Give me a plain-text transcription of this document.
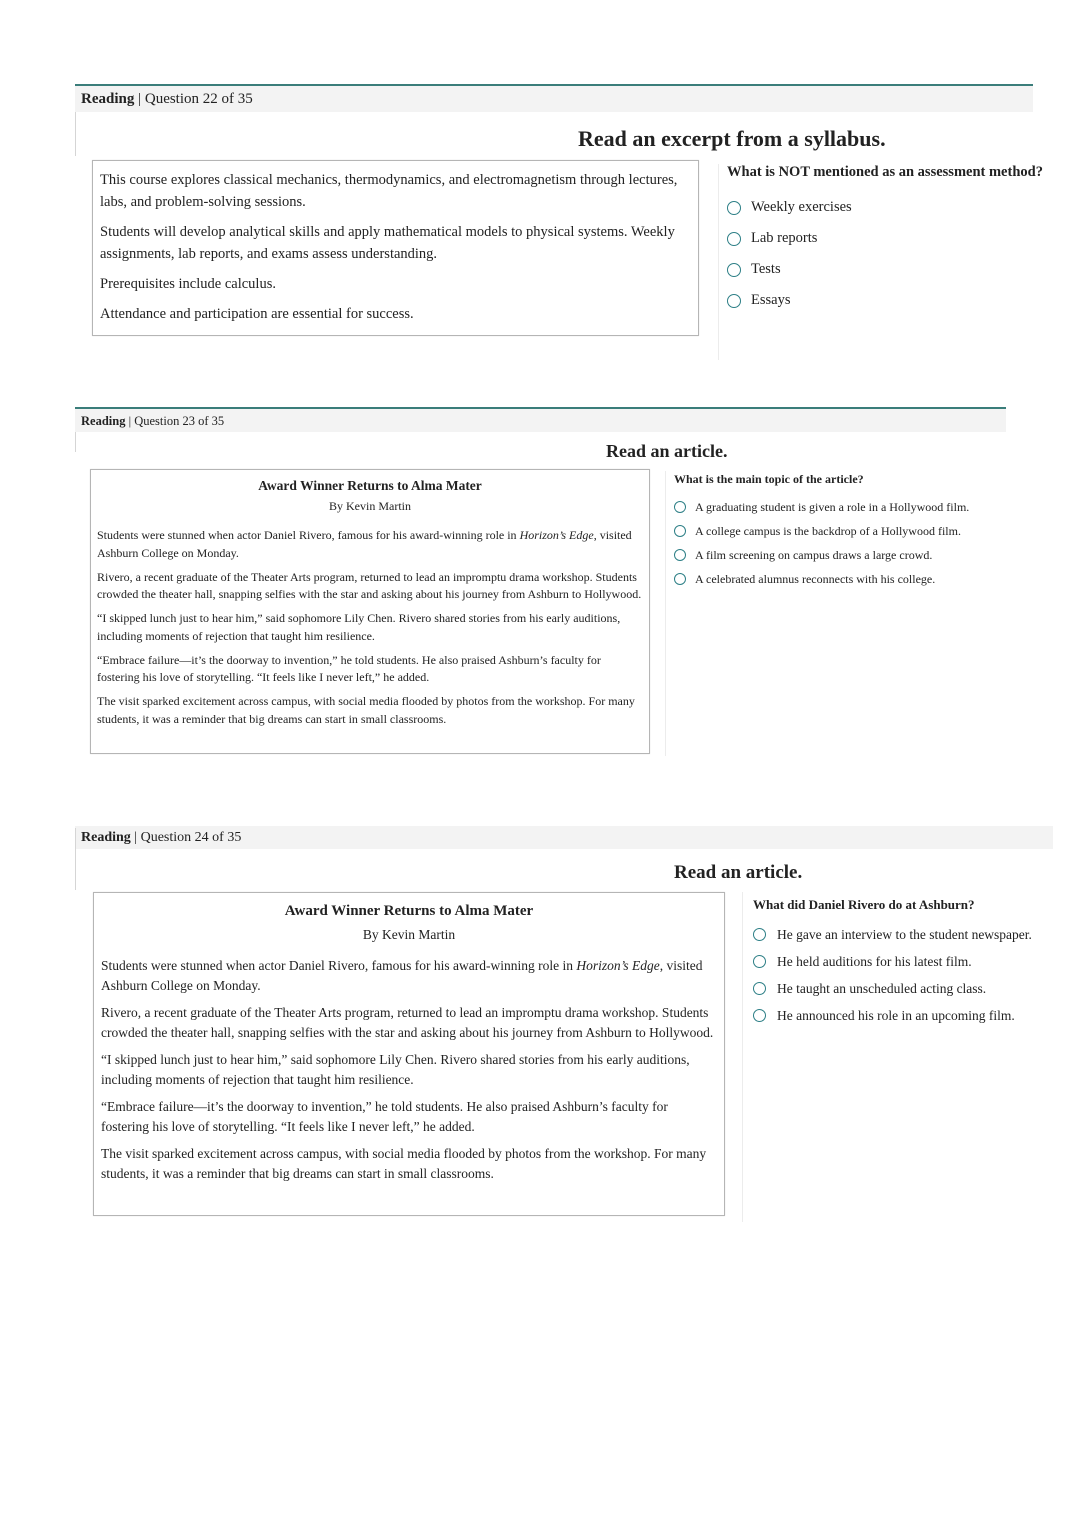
Reading | Question 22 of 35
Read an excerpt from a syllabus.

This course explores classical mechanics, thermodynamics, and electromagnetism through lectures, labs, and problem-solving sessions.

Students will develop analytical skills and apply mathematical models to physical systems. Weekly assignments, lab reports, and exams assess understanding.

Prerequisites include calculus.

Attendance and participation are essential for success.

What is NOT mentioned as an assessment method?
Weekly exercises
Lab reports
Tests
Essays
Reading | Question 23 of 35
Read an article.

Award Winner Returns to Alma Mater

By Kevin Martin

Students were stunned when actor Daniel Rivero, famous for his award-winning role in Horizon’s Edge, visited Ashburn College on Monday.

Rivero, a recent graduate of the Theater Arts program, returned to lead an impromptu drama workshop. Students crowded the theater hall, snapping selfies with the star and asking about his journey from Ashburn to Hollywood.

“I skipped lunch just to hear him,” said sophomore Lily Chen. Rivero shared stories from his early auditions, including moments of rejection that taught him resilience.

“Embrace failure—it’s the doorway to invention,” he told students. He also praised Ashburn’s faculty for fostering his love of storytelling. “It feels like I never left,” he added.

The visit sparked excitement across campus, with social media flooded by photos from the workshop. For many students, it was a reminder that big dreams can start in small classrooms.

What is the main topic of the article?
A graduating student is given a role in a Hollywood film.
A college campus is the backdrop of a Hollywood film.
A film screening on campus draws a large crowd.
A celebrated alumnus reconnects with his college.
Reading | Question 24 of 35
Read an article.

Award Winner Returns to Alma Mater

By Kevin Martin

Students were stunned when actor Daniel Rivero, famous for his award-winning role in Horizon’s Edge, visited Ashburn College on Monday.

Rivero, a recent graduate of the Theater Arts program, returned to lead an impromptu drama workshop. Students crowded the theater hall, snapping selfies with the star and asking about his journey from Ashburn to Hollywood.

“I skipped lunch just to hear him,” said sophomore Lily Chen. Rivero shared stories from his early auditions, including moments of rejection that taught him resilience.

“Embrace failure—it’s the doorway to invention,” he told students. He also praised Ashburn’s faculty for fostering his love of storytelling. “It feels like I never left,” he added.

The visit sparked excitement across campus, with social media flooded by photos from the workshop. For many students, it was a reminder that big dreams can start in small classrooms.

What did Daniel Rivero do at Ashburn?
He gave an interview to the student newspaper.
He held auditions for his latest film.
He taught an unscheduled acting class.
He announced his role in an upcoming film.
